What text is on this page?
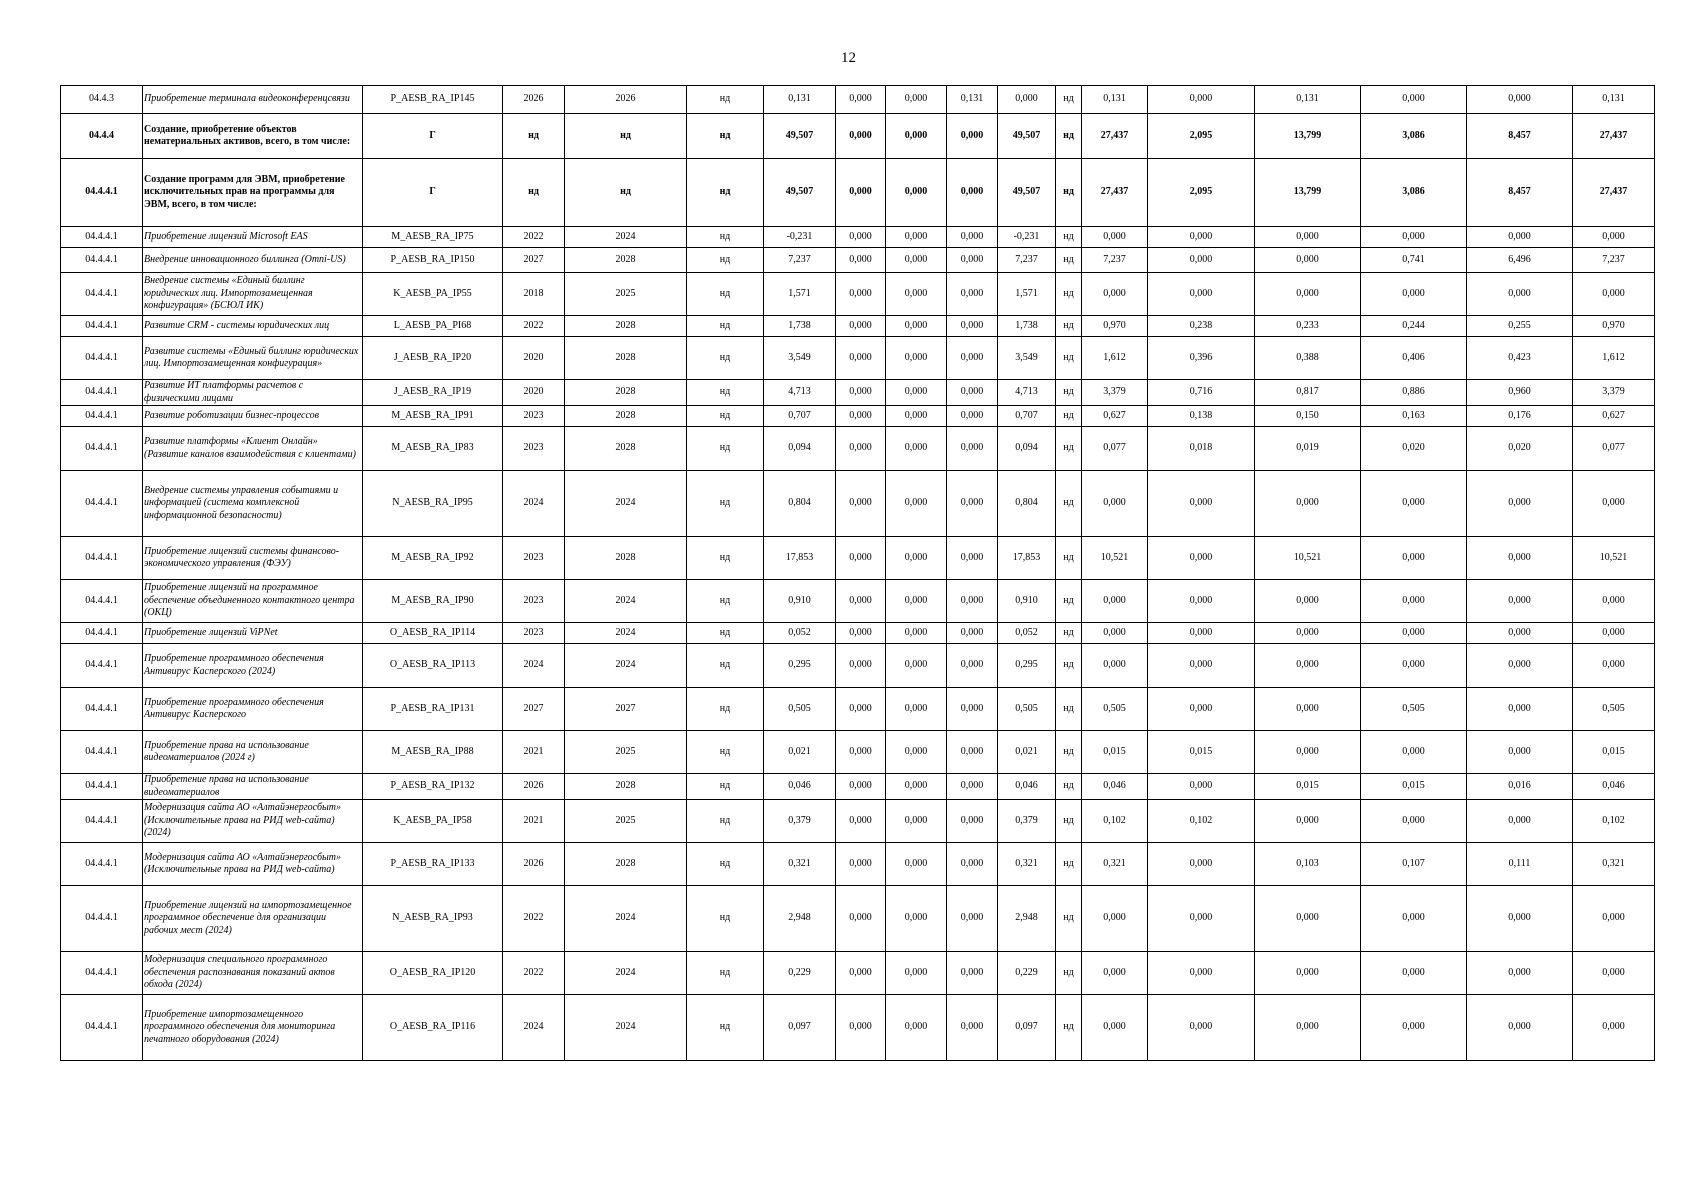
12
04.4.3	Приобретение терминала видеоконференцсвязи	P_AESB_RA_IP145	2026	2026	нд	0,131	0,000	0,000	0,131	0,000	нд	0,131	0,000	0,131	0,000	0,000	0,131
04.4.4	Создание, приобретение объектов нематериальных активов, всего, в том числе:	Г	нд	нд	нд	49,507	0,000	0,000	0,000	49,507	нд	27,437	2,095	13,799	3,086	8,457	27,437
04.4.4.1	Создание программ для ЭВМ, приобретение исключительных прав на программы для ЭВМ, всего, в том числе:	Г	нд	нд	нд	49,507	0,000	0,000	0,000	49,507	нд	27,437	2,095	13,799	3,086	8,457	27,437
04.4.4.1	Приобретение лицензий Microsoft EAS	M_AESB_RA_IP75	2022	2024	нд	-0,231	0,000	0,000	0,000	-0,231	нд	0,000	0,000	0,000	0,000	0,000	0,000
04.4.4.1	Внедрение инновационного биллинга (Omni-US)	P_AESB_RA_IP150	2027	2028	нд	7,237	0,000	0,000	0,000	7,237	нд	7,237	0,000	0,000	0,741	6,496	7,237
04.4.4.1	Внедрение системы «Единый биллинг юридических лиц. Импортозамещенная конфигурация» (БСЮЛ ИК)	K_AESB_PA_IP55	2018	2025	нд	1,571	0,000	0,000	0,000	1,571	нд	0,000	0,000	0,000	0,000	0,000	0,000
04.4.4.1	Развитие CRM - системы юридических лиц	L_AESB_PA_PI68	2022	2028	нд	1,738	0,000	0,000	0,000	1,738	нд	0,970	0,238	0,233	0,244	0,255	0,970
04.4.4.1	Развитие системы «Единый биллинг юридических лиц. Импортозамещенная конфигурация»	J_AESB_RA_IP20	2020	2028	нд	3,549	0,000	0,000	0,000	3,549	нд	1,612	0,396	0,388	0,406	0,423	1,612
04.4.4.1	Развитие ИТ платформы расчетов с физическими лицами	J_AESB_RA_IP19	2020	2028	нд	4,713	0,000	0,000	0,000	4,713	нд	3,379	0,716	0,817	0,886	0,960	3,379
04.4.4.1	Развитие роботизации бизнес-процессов	M_AESB_RA_IP91	2023	2028	нд	0,707	0,000	0,000	0,000	0,707	нд	0,627	0,138	0,150	0,163	0,176	0,627
04.4.4.1	Развитие платформы «Клиент Онлайн» (Развитие каналов взаимодействия с клиентами)	M_AESB_RA_IP83	2023	2028	нд	0,094	0,000	0,000	0,000	0,094	нд	0,077	0,018	0,019	0,020	0,020	0,077
04.4.4.1	Внедрение системы управления событиями и информацией (система комплексной информационной безопасности)	N_AESB_RA_IP95	2024	2024	нд	0,804	0,000	0,000	0,000	0,804	нд	0,000	0,000	0,000	0,000	0,000	0,000
04.4.4.1	Приобретение лицензий системы финансово-экономического управления (ФЭУ)	M_AESB_RA_IP92	2023	2028	нд	17,853	0,000	0,000	0,000	17,853	нд	10,521	0,000	10,521	0,000	0,000	10,521
04.4.4.1	Приобретение лицензий на программное обеспечение объединенного контактного центра (ОКЦ)	M_AESB_RA_IP90	2023	2024	нд	0,910	0,000	0,000	0,000	0,910	нд	0,000	0,000	0,000	0,000	0,000	0,000
04.4.4.1	Приобретение лицензий ViPNet	O_AESB_RA_IP114	2023	2024	нд	0,052	0,000	0,000	0,000	0,052	нд	0,000	0,000	0,000	0,000	0,000	0,000
04.4.4.1	Приобретение программного обеспечения Антивирус Касперского (2024)	O_AESB_RA_IP113	2024	2024	нд	0,295	0,000	0,000	0,000	0,295	нд	0,000	0,000	0,000	0,000	0,000	0,000
04.4.4.1	Приобретение программного обеспечения Антивирус Касперского	P_AESB_RA_IP131	2027	2027	нд	0,505	0,000	0,000	0,000	0,505	нд	0,505	0,000	0,000	0,505	0,000	0,505
04.4.4.1	Приобретение права на использование видеоматериалов (2024 г)	M_AESB_RA_IP88	2021	2025	нд	0,021	0,000	0,000	0,000	0,021	нд	0,015	0,015	0,000	0,000	0,000	0,015
04.4.4.1	Приобретение права на использование видеоматериалов	P_AESB_RA_IP132	2026	2028	нд	0,046	0,000	0,000	0,000	0,046	нд	0,046	0,000	0,015	0,015	0,016	0,046
04.4.4.1	Модернизация сайта АО «Алтайэнергосбыт» (Исключительные права на РИД web-сайта) (2024)	K_AESB_PA_IP58	2021	2025	нд	0,379	0,000	0,000	0,000	0,379	нд	0,102	0,102	0,000	0,000	0,000	0,102
04.4.4.1	Модернизация сайта АО «Алтайэнергосбыт» (Исключительные права на РИД web-сайта)	P_AESB_RA_IP133	2026	2028	нд	0,321	0,000	0,000	0,000	0,321	нд	0,321	0,000	0,103	0,107	0,111	0,321
04.4.4.1	Приобретение лицензий на импортозамещенное программное обеспечение для организации рабочих мест (2024)	N_AESB_RA_IP93	2022	2024	нд	2,948	0,000	0,000	0,000	2,948	нд	0,000	0,000	0,000	0,000	0,000	0,000
04.4.4.1	Модернизация специального программного обеспечения распознавания показаний актов обхода (2024)	O_AESB_RA_IP120	2022	2024	нд	0,229	0,000	0,000	0,000	0,229	нд	0,000	0,000	0,000	0,000	0,000	0,000
04.4.4.1	Приобретение импортозамещенного программного обеспечения для мониторинга печатного оборудования (2024)	O_AESB_RA_IP116	2024	2024	нд	0,097	0,000	0,000	0,000	0,097	нд	0,000	0,000	0,000	0,000	0,000	0,000
